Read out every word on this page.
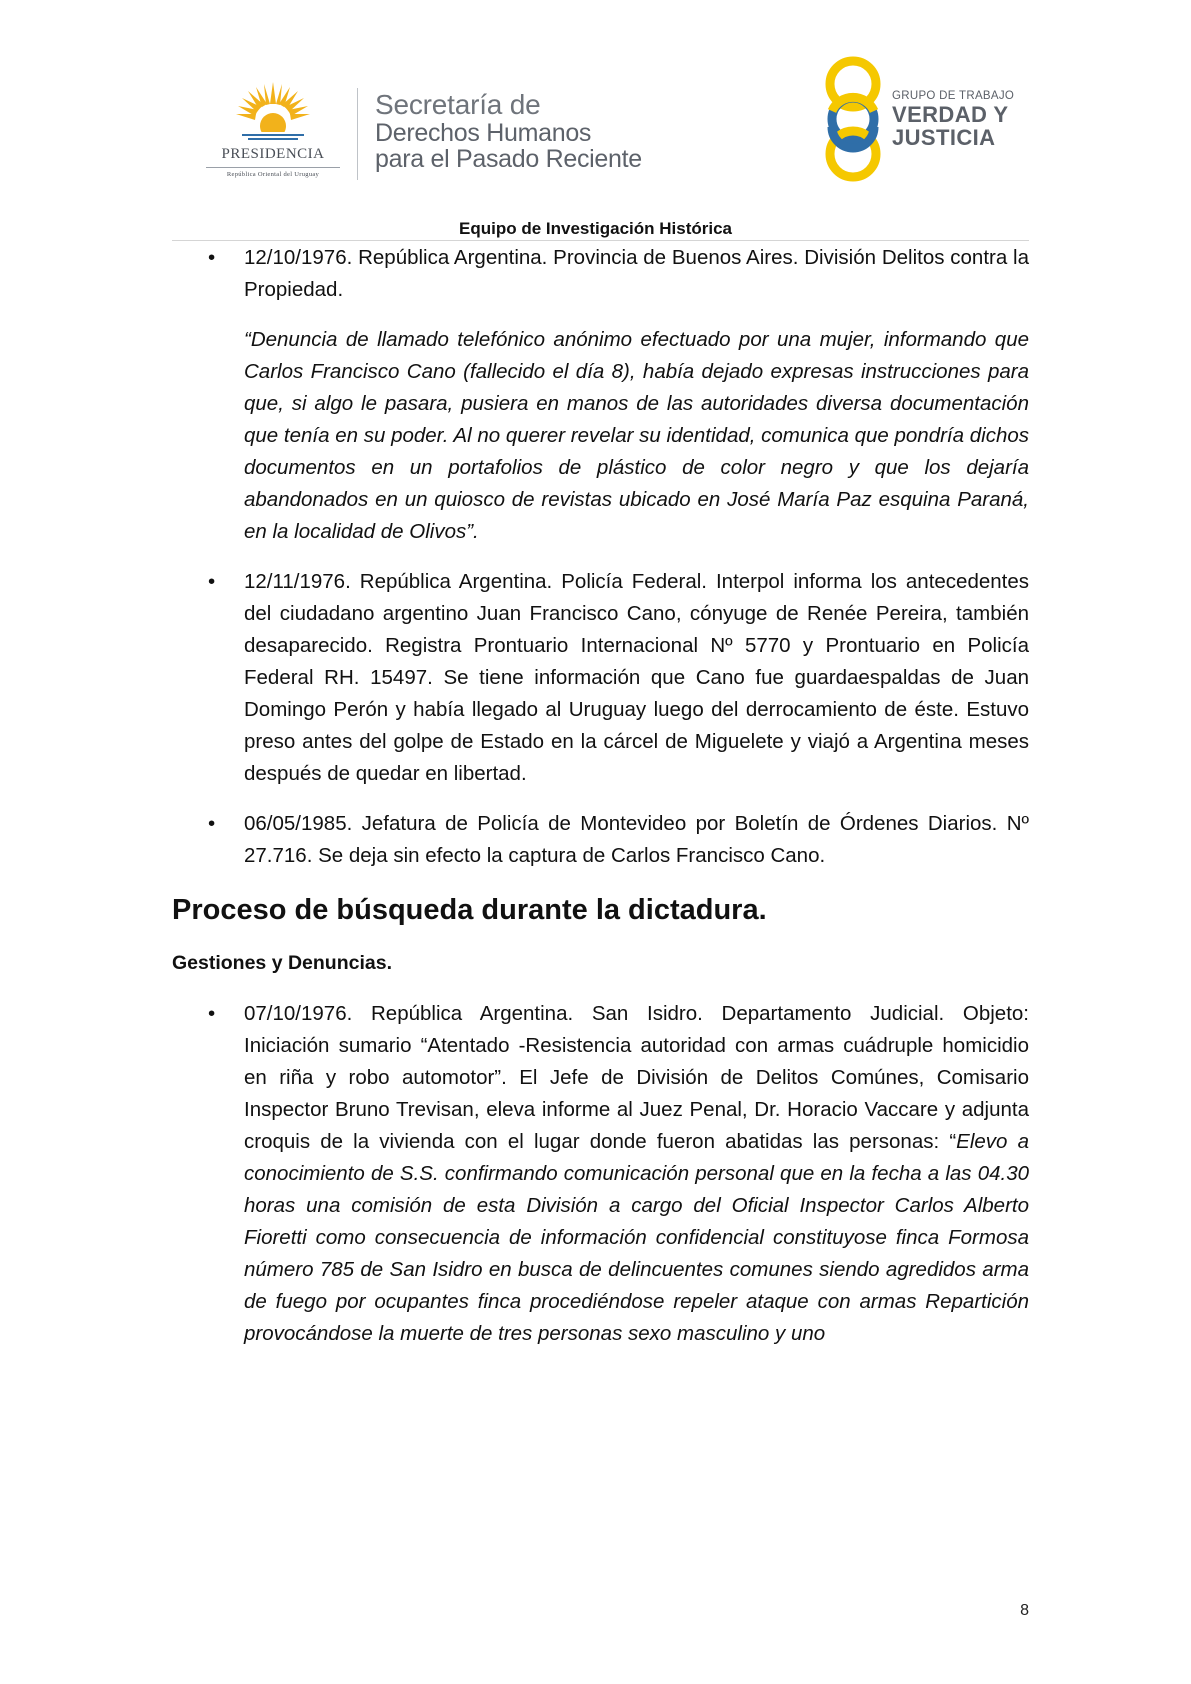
PRESIDENCIA
República Oriental del Uruguay
Secretaría de
Derechos Humanos
para el Pasado Reciente
GRUPO DE TRABAJO
VERDAD Y
JUSTICIA
Equipo de Investigación Histórica
• 12/10/1976. República Argentina. Provincia de Buenos Aires. División Delitos contra la Propiedad.
“Denuncia de llamado telefónico anónimo efectuado por una mujer, informando que Carlos Francisco Cano (fallecido el día 8), había dejado expresas instrucciones para que, si algo le pasara, pusiera en manos de las autoridades diversa documentación que tenía en su poder. Al no querer revelar su identidad, comunica que pondría dichos documentos en un portafolios de plástico de color negro y que los dejaría abandonados en un quiosco de revistas ubicado en José María Paz esquina Paraná, en la localidad de Olivos”.
• 12/11/1976. República Argentina. Policía Federal. Interpol informa los antecedentes del ciudadano argentino Juan Francisco Cano, cónyuge de Renée Pereira, también desaparecido. Registra Prontuario Internacional Nº 5770 y Prontuario en Policía Federal RH. 15497. Se tiene información que Cano fue guardaespaldas de Juan Domingo Perón y había llegado al Uruguay luego del derrocamiento de éste. Estuvo preso antes del golpe de Estado en la cárcel de Miguelete y viajó a Argentina meses después de quedar en libertad.
• 06/05/1985. Jefatura de Policía de Montevideo por Boletín de Órdenes Diarios. Nº 27.716. Se deja sin efecto la captura de Carlos Francisco Cano.
Proceso de búsqueda durante la dictadura.
Gestiones y Denuncias.
• 07/10/1976. República Argentina. San Isidro. Departamento Judicial. Objeto: Iniciación sumario “Atentado -Resistencia autoridad con armas cuádruple homicidio en riña y robo automotor”. El Jefe de División de Delitos Comúnes, Comisario Inspector Bruno Trevisan, eleva informe al Juez Penal, Dr. Horacio Vaccare y adjunta croquis de la vivienda con el lugar donde fueron abatidas las personas: “Elevo a conocimiento de S.S. confirmando comunicación personal que en la fecha a las 04.30 horas una comisión de esta División a cargo del Oficial Inspector Carlos Alberto Fioretti como consecuencia de información confidencial constituyose finca Formosa número 785 de San Isidro en busca de delincuentes comunes siendo agredidos arma de fuego por ocupantes finca procediéndose repeler ataque con armas Repartición provocándose la muerte de tres personas sexo masculino y uno
8
